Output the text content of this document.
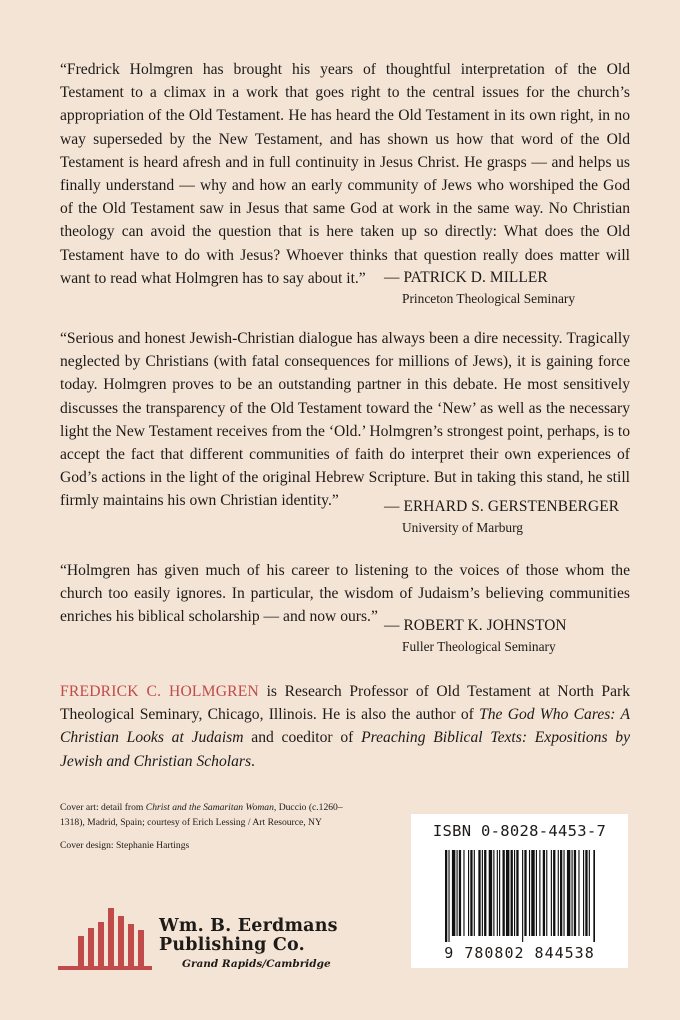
“Fredrick Holmgren has brought his years of thoughtful interpretation of the Old Testament to a climax in a work that goes right to the central issues for the church’s appropriation of the Old Testament. He has heard the Old Testament in its own right, in no way superseded by the New Testament, and has shown us how that word of the Old Testament is heard afresh and in full continuity in Jesus Christ. He grasps — and helps us finally understand — why and how an early community of Jews who worshiped the God of the Old Testament saw in Jesus that same God at work in the same way. No Christian theology can avoid the question that is here taken up so directly: What does the Old Testament have to do with Jesus? Whoever thinks that question really does matter will want to read what Holmgren has to say about it.”	— PATRICK D. MILLER
Princeton Theological Seminary

“Serious and honest Jewish-Christian dialogue has always been a dire necessity. Tragically neglected by Christians (with fatal consequences for millions of Jews), it is gaining force today. Holmgren proves to be an outstanding partner in this debate. He most sensitively discusses the transparency of the Old Testament toward the ‘New’ as well as the necessary light the New Testament receives from the ‘Old.’ Holmgren’s strongest point, perhaps, is to accept the fact that different communities of faith do interpret their own experiences of God’s actions in the light of the original Hebrew Scripture. But in taking this stand, he still firmly maintains his own Christian identity.”	— ERHARD S. GERSTENBERGER
University of Marburg

“Holmgren has given much of his career to listening to the voices of those whom the church too easily ignores. In particular, the wisdom of Judaism’s believing communities enriches his biblical scholarship — and now ours.”

— ROBERT K. JOHNSTON
Fuller Theological Seminary
FREDRICK C. HOLMGREN is Research Professor of Old Testament at North Park Theological Seminary, Chicago, Illinois. He is also the author of The God Who Cares: A Christian Looks at Judaism and coeditor of Preaching Biblical Texts: Expositions by Jewish and Christian Scholars.

Cover art: detail from Christ and the Samaritan Woman, Duccio (c.1260–1318), Madrid, Spain; courtesy of Erich Lessing / Art Resource, NY

Cover design: Stephanie Hartings

ISBN 0-8028-4453-7
9 780802 844538
Wm. B. Eerdmans
Publishing Co.
Grand Rapids/Cambridge
